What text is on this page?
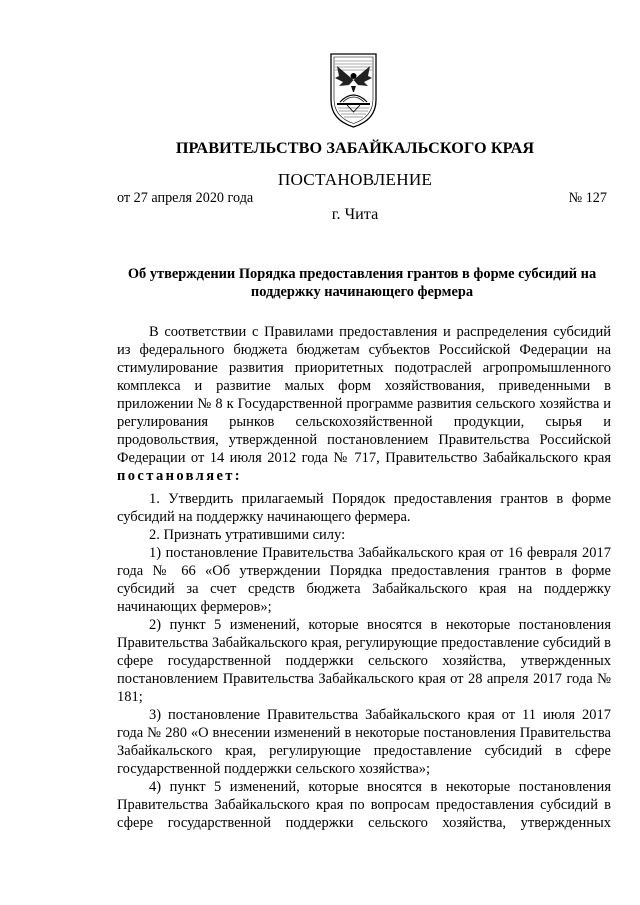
ПРАВИТЕЛЬСТВО ЗАБАЙКАЛЬСКОГО КРАЯ
ПОСТАНОВЛЕНИЕ
от 27 апреля 2020 года	№ 127
г. Чита
Об утверждении Порядка предоставления грантов в форме субсидий на поддержку начинающего фермера

В соответствии с Правилами предоставления и распределения субсидий из федерального бюджета бюджетам субъектов Российской Федерации на стимулирование развития приоритетных подотраслей агропромышленного комплекса и развитие малых форм хозяйствования, приведенными в приложении № 8 к Государственной программе развития сельского хозяйства и регулирования рынков сельскохозяйственной продукции, сырья и продовольствия, утвержденной постановлением Правительства Российской Федерации от 14 июля 2012 года № 717, Правительство Забайкальского края постановляет:

1. Утвердить прилагаемый Порядок предоставления грантов в форме субсидий на поддержку начинающего фермера.

2. Признать утратившими силу:

1) постановление Правительства Забайкальского края от 16 февраля 2017 года № 66 «Об утверждении Порядка предоставления грантов в форме субсидий за счет средств бюджета Забайкальского края на поддержку начинающих фермеров»;

2) пункт 5 изменений, которые вносятся в некоторые постановления Правительства Забайкальского края, регулирующие предоставление субсидий в сфере государственной поддержки сельского хозяйства, утвержденных постановлением Правительства Забайкальского края от 28 апреля 2017 года № 181;

3) постановление Правительства Забайкальского края от 11 июля 2017 года № 280 «О внесении изменений в некоторые постановления Правительства Забайкальского края, регулирующие предоставление субсидий в сфере государственной поддержки сельского хозяйства»;

4) пункт 5 изменений, которые вносятся в некоторые постановления Правительства Забайкальского края по вопросам предоставления субсидий в сфере государственной поддержки сельского хозяйства, утвержденных
